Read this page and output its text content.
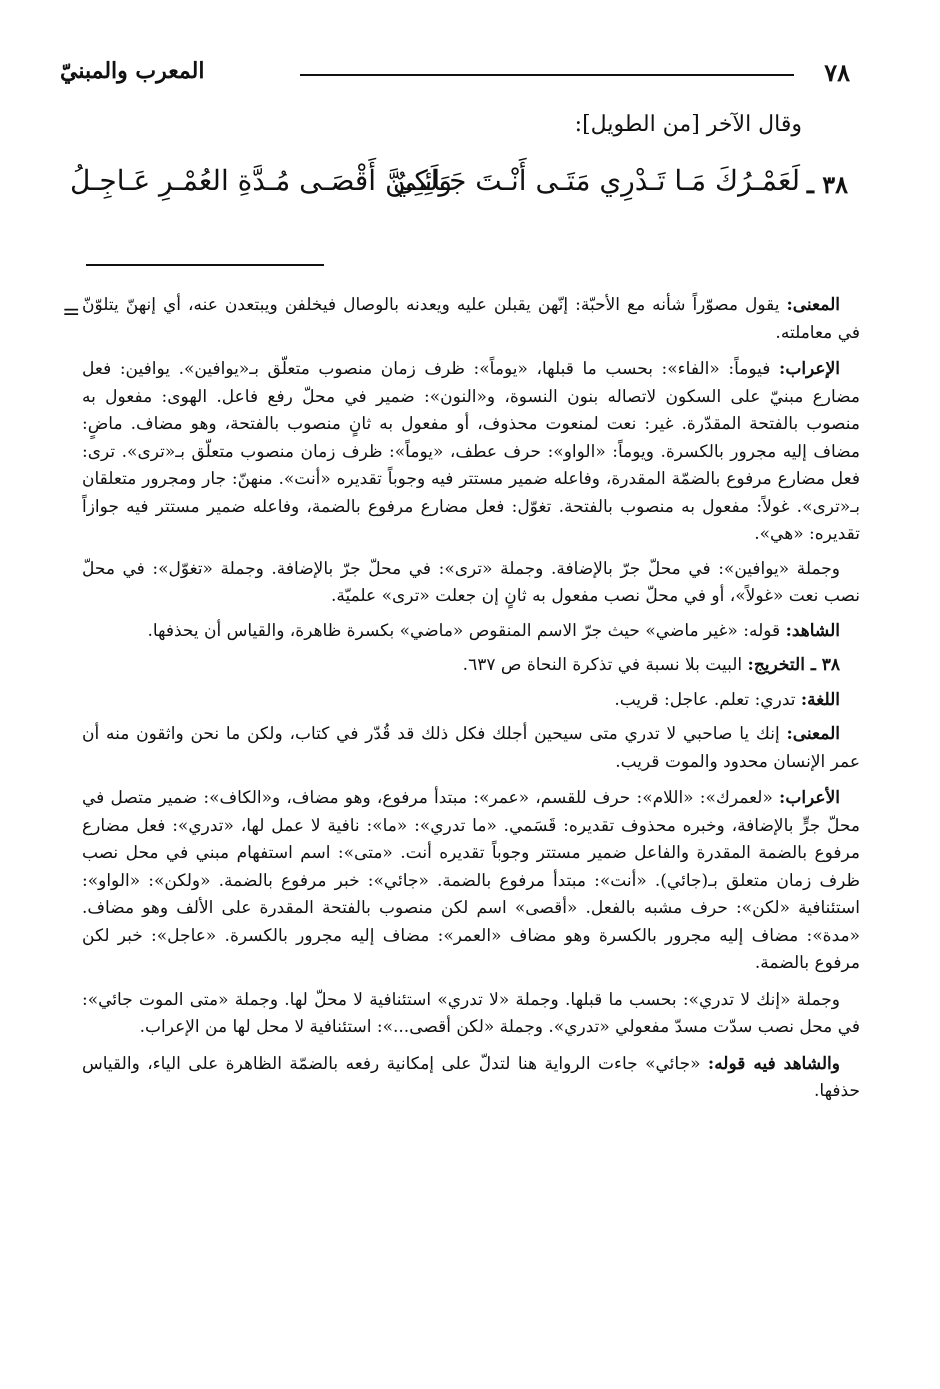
٧٨
المعرب والمبنيّ
وقال الآخر [من الطويل]:
٣٨ ـ
لَعَمْـرُكَ مَـا تَـدْرِي مَتَـى أَنْـتَ جَـائِـيٌ
وَلَكِـنَّ أَقْصَـى مُـدَّةِ العُمْـرِ عَـاجِـلُ
=	المعنى: يقول مصوّراً شأنه مع الأحبّة: إنّهن يقبلن عليه ويعدنه بالوصال فيخلفن ويبتعدن عنه، أي إنهنّ يتلوّنّ في معاملته.

الإعراب: فيوماً: «الفاء»: بحسب ما قبلها، «يوماً»: ظرف زمان منصوب متعلّق بـ«يوافين». يوافين: فعل مضارع مبنيّ على السكون لاتصاله بنون النسوة، و«النون»: ضمير في محلّ رفع فاعل. الهوى: مفعول به منصوب بالفتحة المقدّرة. غير: نعت لمنعوت محذوف، أو مفعول به ثانٍ منصوب بالفتحة، وهو مضاف. ماضٍ: مضاف إليه مجرور بالكسرة. ويوماً: «الواو»: حرف عطف، «يوماً»: ظرف زمان منصوب متعلّق بـ«ترى». ترى: فعل مضارع مرفوع بالضمّة المقدرة، وفاعله ضمير مستتر فيه وجوباً تقديره «أنت». منهنّ: جار ومجرور متعلقان بـ«ترى». غولاً: مفعول به منصوب بالفتحة. تغوّل: فعل مضارع مرفوع بالضمة، وفاعله ضمير مستتر فيه جوازاً تقديره: «هي».

وجملة «يوافين»: في محلّ جرّ بالإضافة. وجملة «ترى»: في محلّ جرّ بالإضافة. وجملة «تغوّل»: في محلّ نصب نعت «غولاً»، أو في محلّ نصب مفعول به ثانٍ إن جعلت «ترى» علميّة.

الشاهد: قوله: «غير ماضي» حيث جرّ الاسم المنقوص «ماضي» بكسرة ظاهرة، والقياس أن يحذفها.

٣٨ ـ التخريج: البيت بلا نسبة في تذكرة النحاة ص ٦٣٧.

اللغة: تدري: تعلم. عاجل: قريب.

المعنى: إنك يا صاحبي لا تدري متى سيحين أجلك فكل ذلك قد قُدّر في كتاب، ولكن ما نحن واثقون منه أن عمر الإنسان محدود والموت قريب.

الأعراب: «لعمرك»: «اللام»: حرف للقسم، «عمر»: مبتدأ مرفوع، وهو مضاف، و«الكاف»: ضمير متصل في محلّ جرٍّ بالإضافة، وخبره محذوف تقديره: قَسَمي. «ما تدري»: «ما»: نافية لا عمل لها، «تدري»: فعل مضارع مرفوع بالضمة المقدرة والفاعل ضمير مستتر وجوباً تقديره أنت. «متى»: اسم استفهام مبني في محل نصب ظرف زمان متعلق بـ(جائي). «أنت»: مبتدأ مرفوع بالضمة. «جائي»: خبر مرفوع بالضمة. «ولكن»: «الواو»: استئنافية «لكن»: حرف مشبه بالفعل. «أقصى» اسم لكن منصوب بالفتحة المقدرة على الألف وهو مضاف. «مدة»: مضاف إليه مجرور بالكسرة وهو مضاف «العمر»: مضاف إليه مجرور بالكسرة. «عاجل»: خبر لكن مرفوع بالضمة.

وجملة «إنك لا تدري»: بحسب ما قبلها. وجملة «لا تدري» استئنافية لا محلّ لها. وجملة «متى الموت جائي»: في محل نصب سدّت مسدّ مفعولي «تدري». وجملة «لكن أقصى...»: استئنافية لا محل لها من الإعراب.

والشاهد فيه قوله: «جائي» جاءت الرواية هنا لتدلّ على إمكانية رفعه بالضمّة الظاهرة على الياء، والقياس حذفها.
